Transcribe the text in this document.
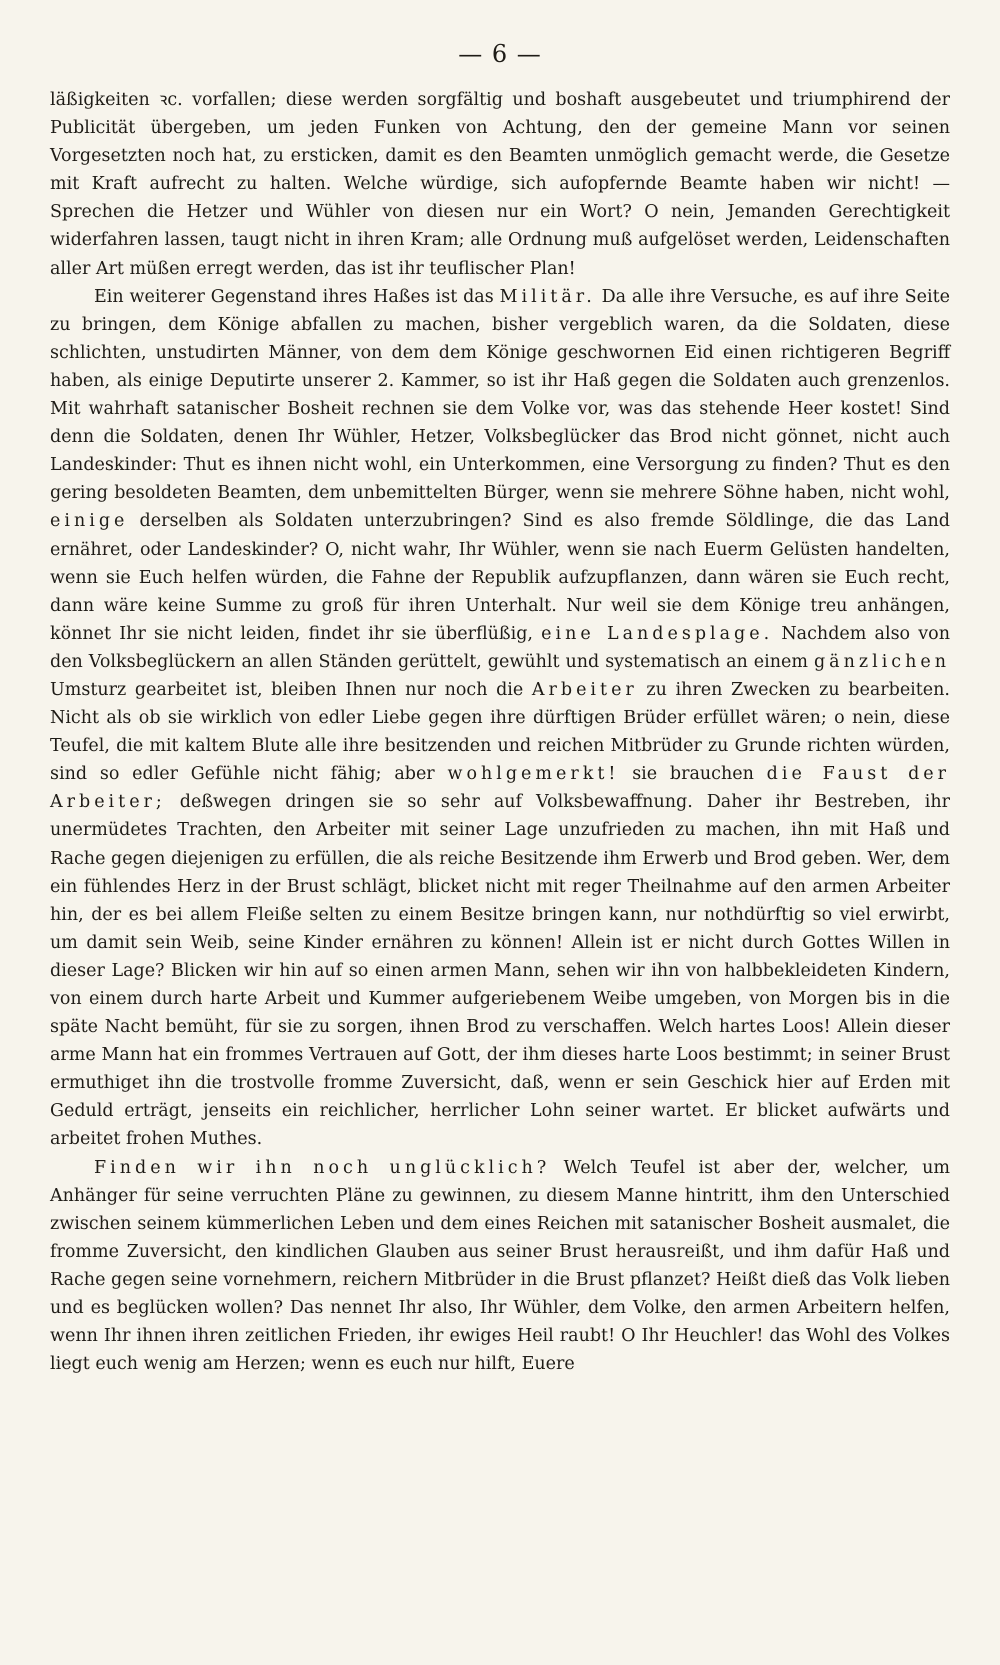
— 6 —

läßigkeiten ꝛc. vorfallen; diese werden sorgfältig und boshaft ausgebeutet und triumphirend der Publicität übergeben, um jeden Funken von Achtung, den der gemeine Mann vor seinen Vorgesetzten noch hat, zu ersticken, damit es den Beamten unmöglich gemacht werde, die Gesetze mit Kraft aufrecht zu halten. Welche würdige, sich aufopfernde Beamte haben wir nicht! — Sprechen die Hetzer und Wühler von diesen nur ein Wort? O nein, Jemanden Gerechtigkeit widerfahren lassen, taugt nicht in ihren Kram; alle Ordnung muß aufgelöset werden, Leidenschaften aller Art müßen erregt werden, das ist ihr teuflischer Plan!

Ein weiterer Gegenstand ihres Haßes ist das Militär. Da alle ihre Versuche, es auf ihre Seite zu bringen, dem Könige abfallen zu machen, bisher vergeblich waren, da die Soldaten, diese schlichten, unstudirten Männer, von dem dem Könige geschwornen Eid einen richtigeren Begriff haben, als einige Deputirte unserer 2. Kammer, so ist ihr Haß gegen die Soldaten auch grenzenlos. Mit wahrhaft satanischer Bosheit rechnen sie dem Volke vor, was das stehende Heer kostet! Sind denn die Soldaten, denen Ihr Wühler, Hetzer, Volksbeglücker das Brod nicht gönnet, nicht auch Landeskinder: Thut es ihnen nicht wohl, ein Unterkommen, eine Versorgung zu finden? Thut es den gering besoldeten Beamten, dem unbemittelten Bürger, wenn sie mehrere Söhne haben, nicht wohl, einige derselben als Soldaten unterzubringen? Sind es also fremde Söldlinge, die das Land ernähret, oder Landeskinder? O, nicht wahr, Ihr Wühler, wenn sie nach Euerm Gelüsten handelten, wenn sie Euch helfen würden, die Fahne der Republik aufzupflanzen, dann wären sie Euch recht, dann wäre keine Summe zu groß für ihren Unterhalt. Nur weil sie dem Könige treu anhängen, könnet Ihr sie nicht leiden, findet ihr sie überflüßig, eine Landesplage. Nachdem also von den Volksbeglückern an allen Ständen gerüttelt, gewühlt und systematisch an einem gänzlichen Umsturz gearbeitet ist, bleiben Ihnen nur noch die Arbeiter zu ihren Zwecken zu bearbeiten. Nicht als ob sie wirklich von edler Liebe gegen ihre dürftigen Brüder erfüllet wären; o nein, diese Teufel, die mit kaltem Blute alle ihre besitzenden und reichen Mitbrüder zu Grunde richten würden, sind so edler Gefühle nicht fähig; aber wohlgemerkt! sie brauchen die Faust der Arbeiter; deßwegen dringen sie so sehr auf Volksbewaffnung. Daher ihr Bestreben, ihr unermüdetes Trachten, den Arbeiter mit seiner Lage unzufrieden zu machen, ihn mit Haß und Rache gegen diejenigen zu erfüllen, die als reiche Besitzende ihm Erwerb und Brod geben. Wer, dem ein fühlendes Herz in der Brust schlägt, blicket nicht mit reger Theilnahme auf den armen Arbeiter hin, der es bei allem Fleiße selten zu einem Besitze bringen kann, nur nothdürftig so viel erwirbt, um damit sein Weib, seine Kinder ernähren zu können! Allein ist er nicht durch Gottes Willen in dieser Lage? Blicken wir hin auf so einen armen Mann, sehen wir ihn von halbbekleideten Kindern, von einem durch harte Arbeit und Kummer aufgeriebenem Weibe umgeben, von Morgen bis in die späte Nacht bemüht, für sie zu sorgen, ihnen Brod zu verschaffen. Welch hartes Loos! Allein dieser arme Mann hat ein frommes Vertrauen auf Gott, der ihm dieses harte Loos bestimmt; in seiner Brust ermuthiget ihn die trostvolle fromme Zuversicht, daß, wenn er sein Geschick hier auf Erden mit Geduld erträgt, jenseits ein reichlicher, herrlicher Lohn seiner wartet. Er blicket aufwärts und arbeitet frohen Muthes.

Finden wir ihn noch unglücklich? Welch Teufel ist aber der, welcher, um Anhänger für seine verruchten Pläne zu gewinnen, zu diesem Manne hintritt, ihm den Unterschied zwischen seinem kümmerlichen Leben und dem eines Reichen mit satanischer Bosheit ausmalet, die fromme Zuversicht, den kindlichen Glauben aus seiner Brust herausreißt, und ihm dafür Haß und Rache gegen seine vornehmern, reichern Mitbrüder in die Brust pflanzet? Heißt dieß das Volk lieben und es beglücken wollen? Das nennet Ihr also, Ihr Wühler, dem Volke, den armen Arbeitern helfen, wenn Ihr ihnen ihren zeitlichen Frieden, ihr ewiges Heil raubt! O Ihr Heuchler! das Wohl des Volkes liegt euch wenig am Herzen; wenn es euch nur hilft, Euere
